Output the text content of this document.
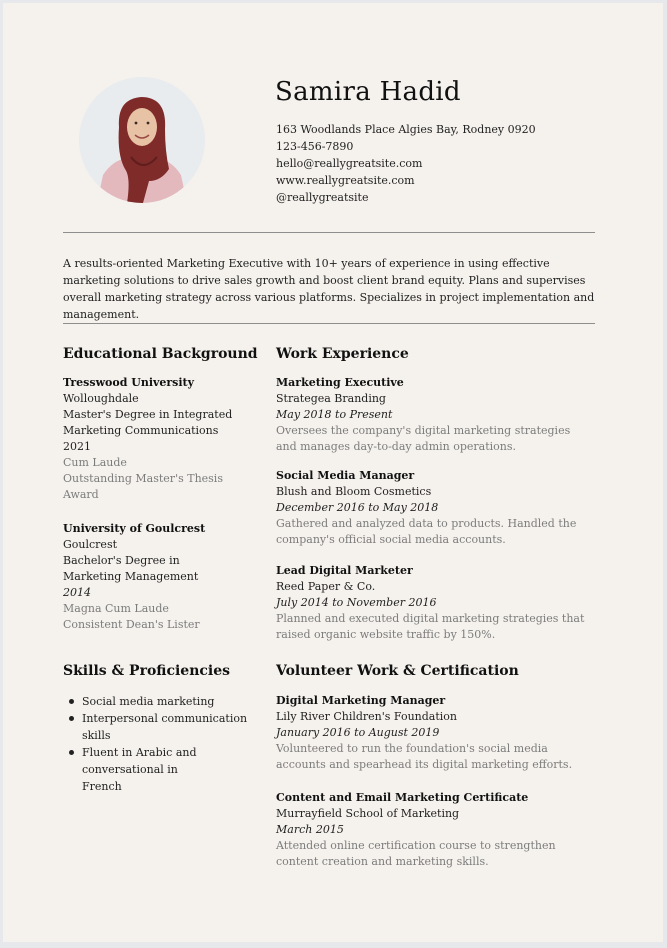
Samira Hadid
163 Woodlands Place Algies Bay, Rodney 0920
123-456-7890
hello@reallygreatsite.com
www.reallygreatsite.com
@reallygreatsite
A results-oriented Marketing Executive with 10+ years of experience in using effective marketing solutions to drive sales growth and boost client brand equity. Plans and supervises overall marketing strategy across various platforms. Specializes in project implementation and management.
Educational Background
Tresswood University
Wolloughdale
Master's Degree in Integrated Marketing Communications
2021
Cum Laude
Outstanding Master's Thesis Award
University of Goulcrest
Goulcrest
Bachelor's Degree in Marketing Management
2014
Magna Cum Laude
Consistent Dean's Lister
Work Experience
Marketing Executive
Strategea Branding
May 2018 to Present
Oversees the company's digital marketing strategies and manages day-to-day admin operations.
Social Media Manager
Blush and Bloom Cosmetics
December 2016 to May 2018
Gathered and analyzed data to products. Handled the company's official social media accounts.
Lead Digital Marketer
Reed Paper & Co.
July 2014 to November 2016
Planned and executed digital marketing strategies that raised organic website traffic by 150%.
Skills & Proficiencies
Social media marketing
Interpersonal communication skills
Fluent in Arabic and conversational in French
Volunteer Work & Certification
Digital Marketing Manager
Lily River Children's Foundation
January 2016 to August 2019
Volunteered to run the foundation's social media accounts and spearhead its digital marketing efforts.
Content and Email Marketing Certificate
Murrayfield School of Marketing
March 2015
Attended online certification course to strengthen content creation and marketing skills.
